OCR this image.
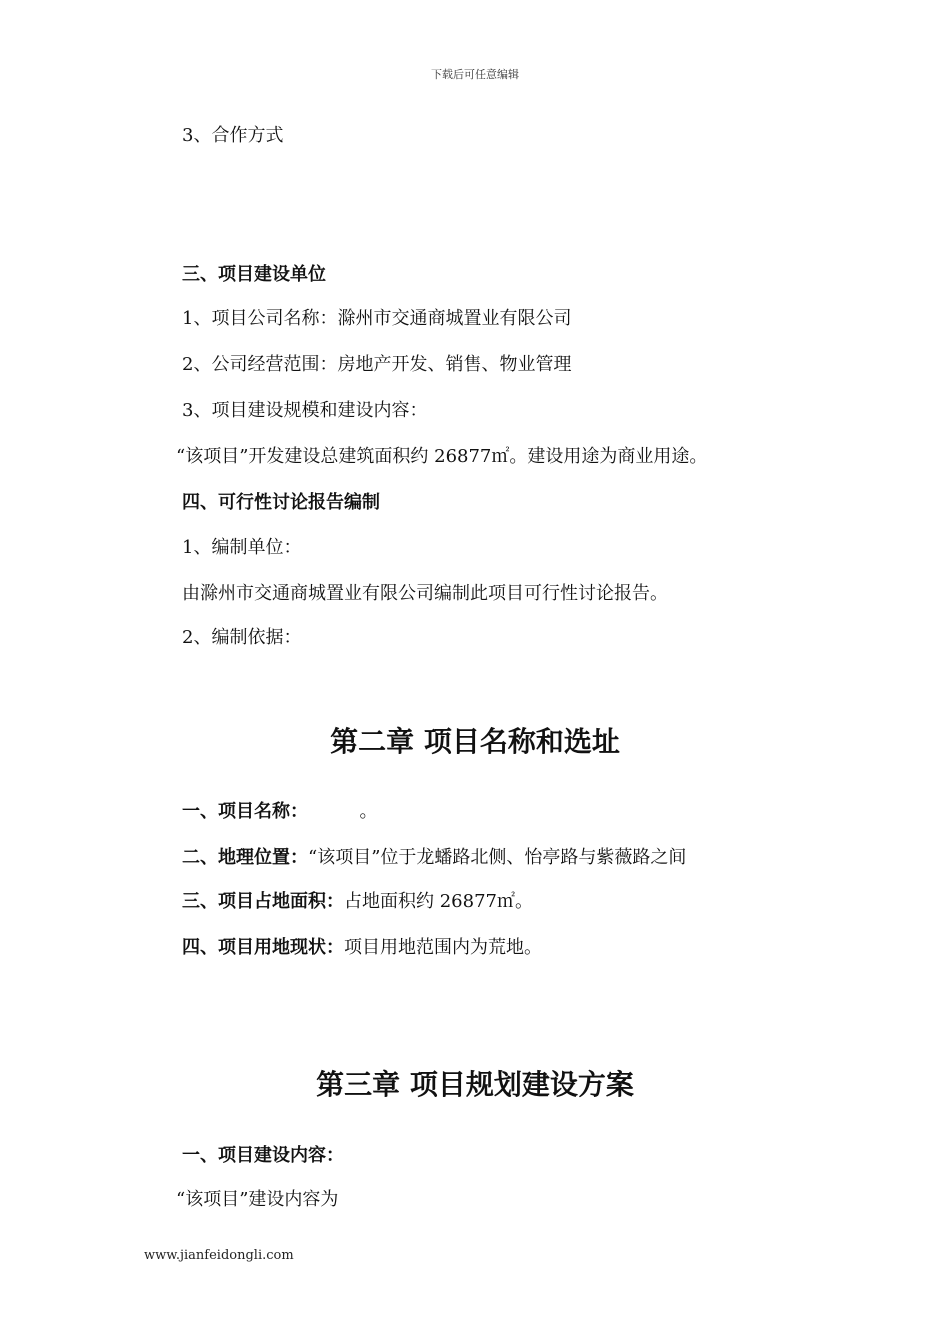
下载后可任意编辑
3、合作方式
三、项目建设单位
1、项目公司名称：滁州市交通商城置业有限公司
2、公司经营范围：房地产开发、销售、物业管理
3、项目建设规模和建设内容：
“该项目”开发建设总建筑面积约 26877㎡。建设用途为商业用途。
四、可行性讨论报告编制
1、编制单位：
由滁州市交通商城置业有限公司编制此项目可行性讨论报告。
2、编制依据：
第二章 项目名称和选址
一、项目名称：         。
二、地理位置：“该项目”位于龙蟠路北侧、怡亭路与紫薇路之间
三、项目占地面积：占地面积约 26877㎡。
四、项目用地现状：项目用地范围内为荒地。
第三章 项目规划建设方案
一、项目建设内容：
“该项目”建设内容为
www.jianfeidongli.com
